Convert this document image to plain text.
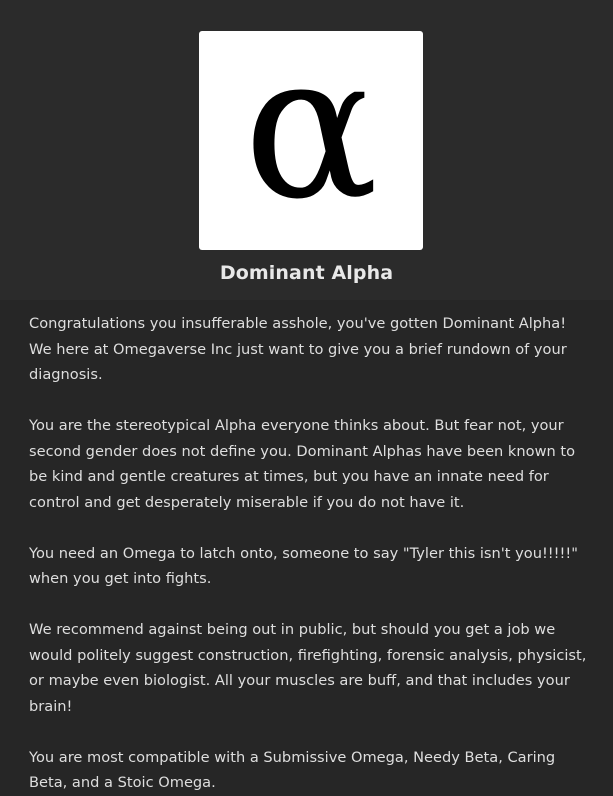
α
Dominant Alpha

Congratulations you insufferable asshole, you've gotten Dominant Alpha! We here at Omegaverse Inc just want to give you a brief rundown of your diagnosis.

You are the stereotypical Alpha everyone thinks about. But fear not, your second gender does not define you. Dominant Alphas have been known to be kind and gentle creatures at times, but you have an innate need for control and get desperately miserable if you do not have it.

You need an Omega to latch onto, someone to say "Tyler this isn't you!!!!!" when you get into fights.

We recommend against being out in public, but should you get a job we would politely suggest construction, firefighting, forensic analysis, physicist, or maybe even biologist. All your muscles are buff, and that includes your brain!

You are most compatible with a Submissive Omega, Needy Beta, Caring Beta, and a Stoic Omega.
